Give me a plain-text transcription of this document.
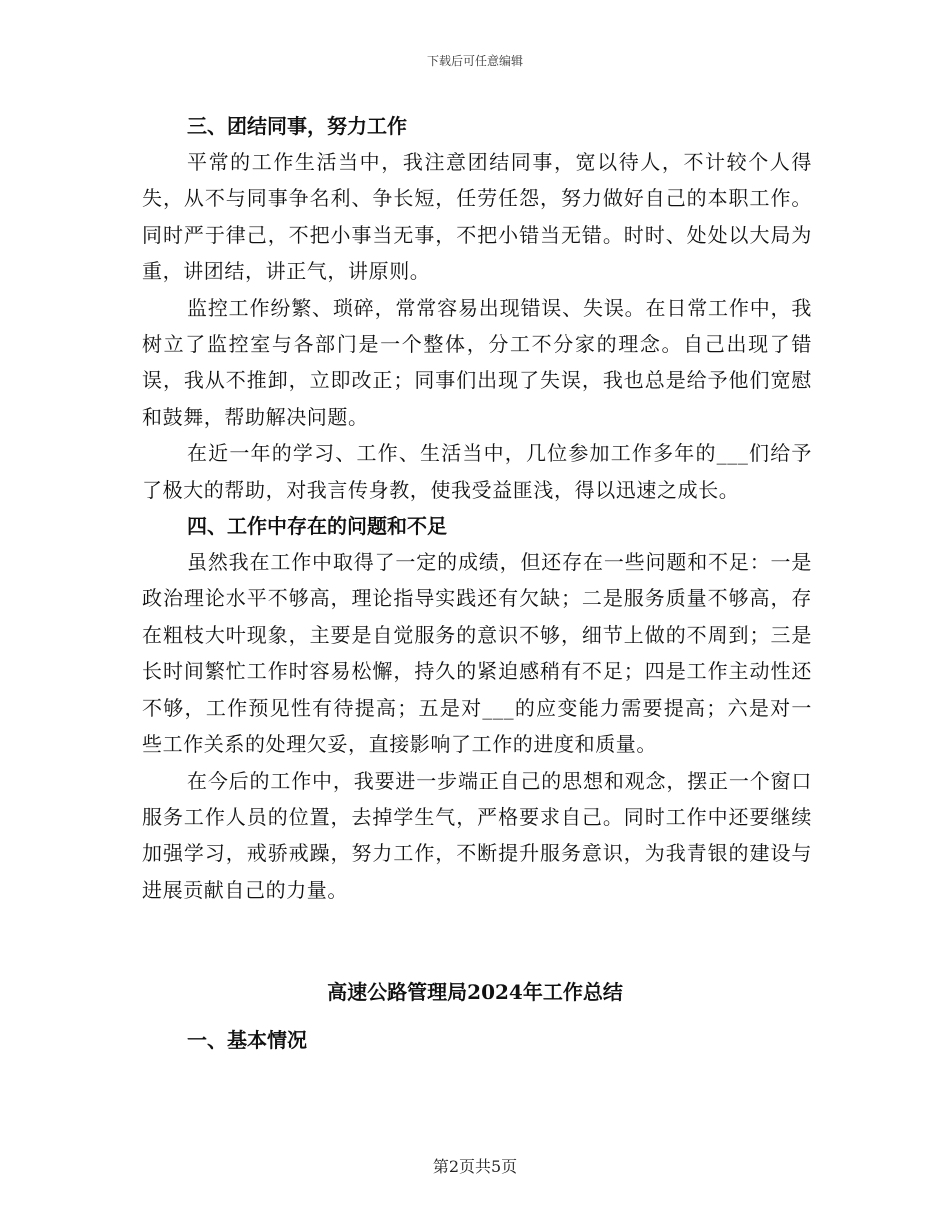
下载后可任意编辑
三、团结同事，努力工作

平常的工作生活当中，我注意团结同事，宽以待人，不计较个人得失，从不与同事争名利、争长短，任劳任怨，努力做好自己的本职工作。同时严于律己，不把小事当无事，不把小错当无错。时时、处处以大局为重，讲团结，讲正气，讲原则。

监控工作纷繁、琐碎，常常容易出现错误、失误。在日常工作中，我树立了监控室与各部门是一个整体，分工不分家的理念。自己出现了错误，我从不推卸，立即改正；同事们出现了失误，我也总是给予他们宽慰和鼓舞，帮助解决问题。

在近一年的学习、工作、生活当中，几位参加工作多年的___们给予了极大的帮助，对我言传身教，使我受益匪浅，得以迅速之成长。

四、工作中存在的问题和不足

虽然我在工作中取得了一定的成绩，但还存在一些问题和不足：一是政治理论水平不够高，理论指导实践还有欠缺；二是服务质量不够高，存在粗枝大叶现象，主要是自觉服务的意识不够，细节上做的不周到；三是长时间繁忙工作时容易松懈，持久的紧迫感稍有不足；四是工作主动性还不够，工作预见性有待提高；五是对___的应变能力需要提高；六是对一些工作关系的处理欠妥，直接影响了工作的进度和质量。

在今后的工作中，我要进一步端正自己的思想和观念，摆正一个窗口服务工作人员的位置，去掉学生气，严格要求自己。同时工作中还要继续加强学习，戒骄戒躁，努力工作，不断提升服务意识，为我青银的建设与进展贡献自己的力量。

高速公路管理局2024年工作总结
一、基本情况
第2页共5页
